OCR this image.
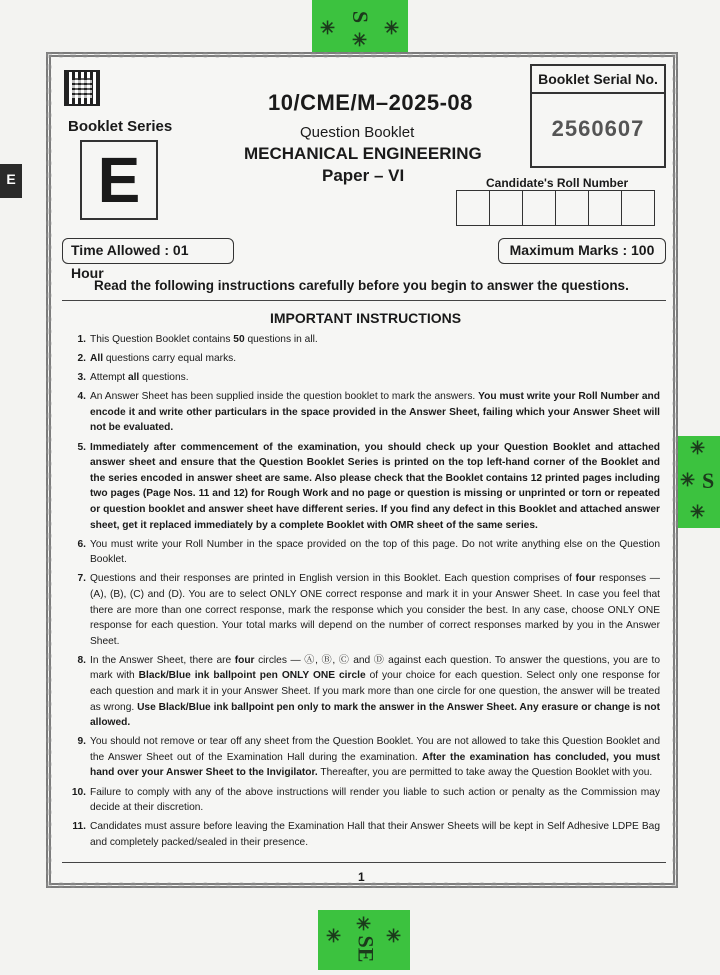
S
✳
✳
✳
✳
✳ S
✳
✳
✳
SE ✳
E
Booklet Series
E
10/CME/M–2025-08
Question Booklet
MECHANICAL ENGINEERING
Paper – VI
Booklet Serial No.
2560607
Candidate's Roll Number
Time Allowed : 01 Hour
Maximum Marks : 100
Read the following instructions carefully before you begin to answer the questions.
IMPORTANT INSTRUCTIONS
1. This Question Booklet contains 50 questions in all.
2. All questions carry equal marks.
3. Attempt all questions.
4. An Answer Sheet has been supplied inside the question booklet to mark the answers. You must write your Roll Number and encode it and write other particulars in the space provided in the Answer Sheet, failing which your Answer Sheet will not be evaluated.
5. Immediately after commencement of the examination, you should check up your Question Booklet and attached answer sheet and ensure that the Question Booklet Series is printed on the top left-hand corner of the Booklet and the series encoded in answer sheet are same. Also please check that the Booklet contains 12 printed pages including two pages (Page Nos. 11 and 12) for Rough Work and no page or question is missing or unprinted or torn or repeated or question booklet and answer sheet have different series. If you find any defect in this Booklet and attached answer sheet, get it replaced immediately by a complete Booklet with OMR sheet of the same series.
6. You must write your Roll Number in the space provided on the top of this page. Do not write anything else on the Question Booklet.
7. Questions and their responses are printed in English version in this Booklet. Each question comprises of four responses — (A), (B), (C) and (D). You are to select ONLY ONE correct response and mark it in your Answer Sheet. In case you feel that there are more than one correct response, mark the response which you consider the best. In any case, choose ONLY ONE response for each question. Your total marks will depend on the number of correct responses marked by you in the Answer Sheet.
8. In the Answer Sheet, there are four circles — Ⓐ, Ⓑ, Ⓒ and Ⓓ against each question. To answer the questions, you are to mark with Black/Blue ink ballpoint pen ONLY ONE circle of your choice for each question. Select only one response for each question and mark it in your Answer Sheet. If you mark more than one circle for one question, the answer will be treated as wrong. Use Black/Blue ink ballpoint pen only to mark the answer in the Answer Sheet. Any erasure or change is not allowed.
9. You should not remove or tear off any sheet from the Question Booklet. You are not allowed to take this Question Booklet and the Answer Sheet out of the Examination Hall during the examination. After the examination has concluded, you must hand over your Answer Sheet to the Invigilator. Thereafter, you are permitted to take away the Question Booklet with you.
10. Failure to comply with any of the above instructions will render you liable to such action or penalty as the Commission may decide at their discretion.
11. Candidates must assure before leaving the Examination Hall that their Answer Sheets will be kept in Self Adhesive LDPE Bag and completely packed/sealed in their presence.
1
